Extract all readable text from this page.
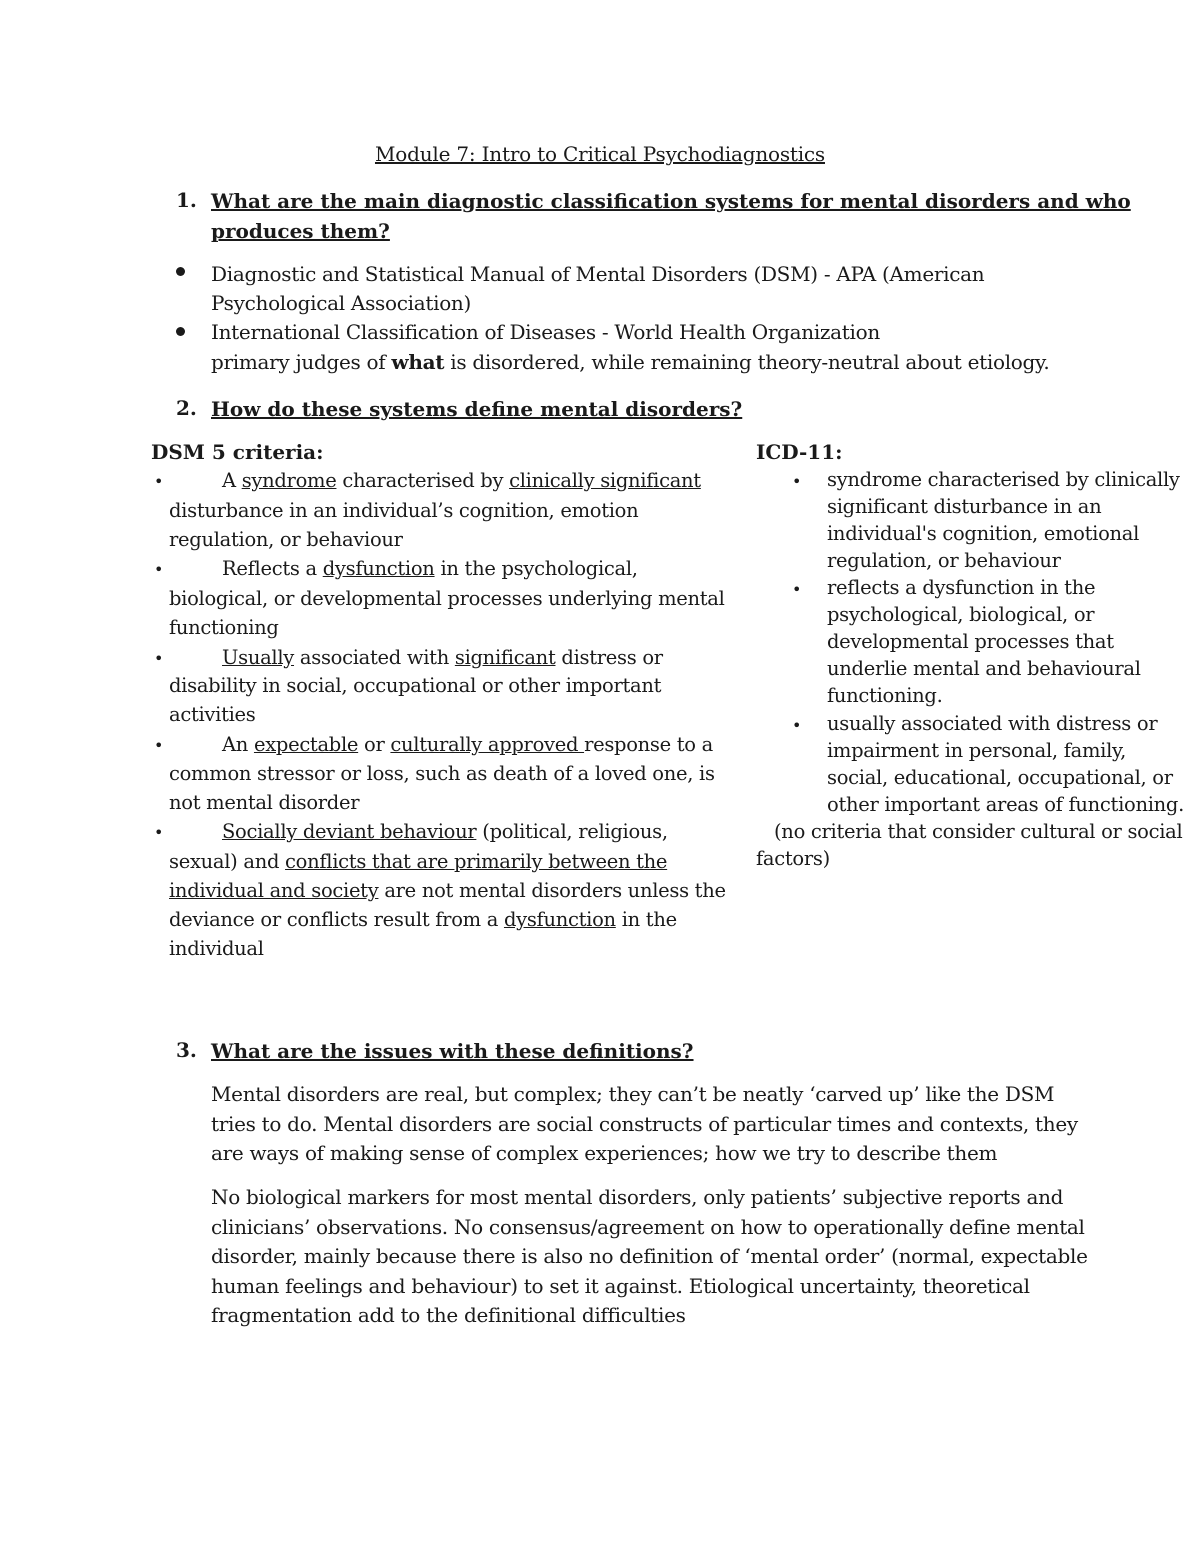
Module 7: Intro to Critical Psychodiagnostics
1. What are the main diagnostic classification systems for mental disorders and who
produces them?
Diagnostic and Statistical Manual of Mental Disorders (DSM) - APA (American
Psychological Association)
International Classification of Diseases - World Health Organization
primary judges of what is disordered, while remaining theory-neutral about etiology.
2. How do these systems define mental disorders?
DSM 5 criteria:
•	A syndrome characterised by clinically significant
disturbance in an individual’s cognition, emotion
regulation, or behaviour
•	Reflects a dysfunction in the psychological,
biological, or developmental processes underlying mental
functioning
•	Usually associated with significant distress or
disability in social, occupational or other important
activities
•	An expectable or culturally approved response to a
common stressor or loss, such as death of a loved one, is
not mental disorder
•	Socially deviant behaviour (political, religious,
sexual) and conflicts that are primarily between the
individual and society are not mental disorders unless the
deviance or conflicts result from a dysfunction in the
individual
ICD-11:
• syndrome characterised by clinically
significant disturbance in an
individual's cognition, emotional
regulation, or behaviour
• reflects a dysfunction in the
psychological, biological, or
developmental processes that
underlie mental and behavioural
functioning.
• usually associated with distress or
impairment in personal, family,
social, educational, occupational, or
other important areas of functioning.
(no criteria that consider cultural or social
factors)
3. What are the issues with these definitions?
Mental disorders are real, but complex; they can’t be neatly ‘carved up’ like the DSM
tries to do. Mental disorders are social constructs of particular times and contexts, they
are ways of making sense of complex experiences; how we try to describe them
No biological markers for most mental disorders, only patients’ subjective reports and
clinicians’ observations. No consensus/agreement on how to operationally define mental
disorder, mainly because there is also no definition of ‘mental order’ (normal, expectable
human feelings and behaviour) to set it against. Etiological uncertainty, theoretical
fragmentation add to the definitional difficulties
